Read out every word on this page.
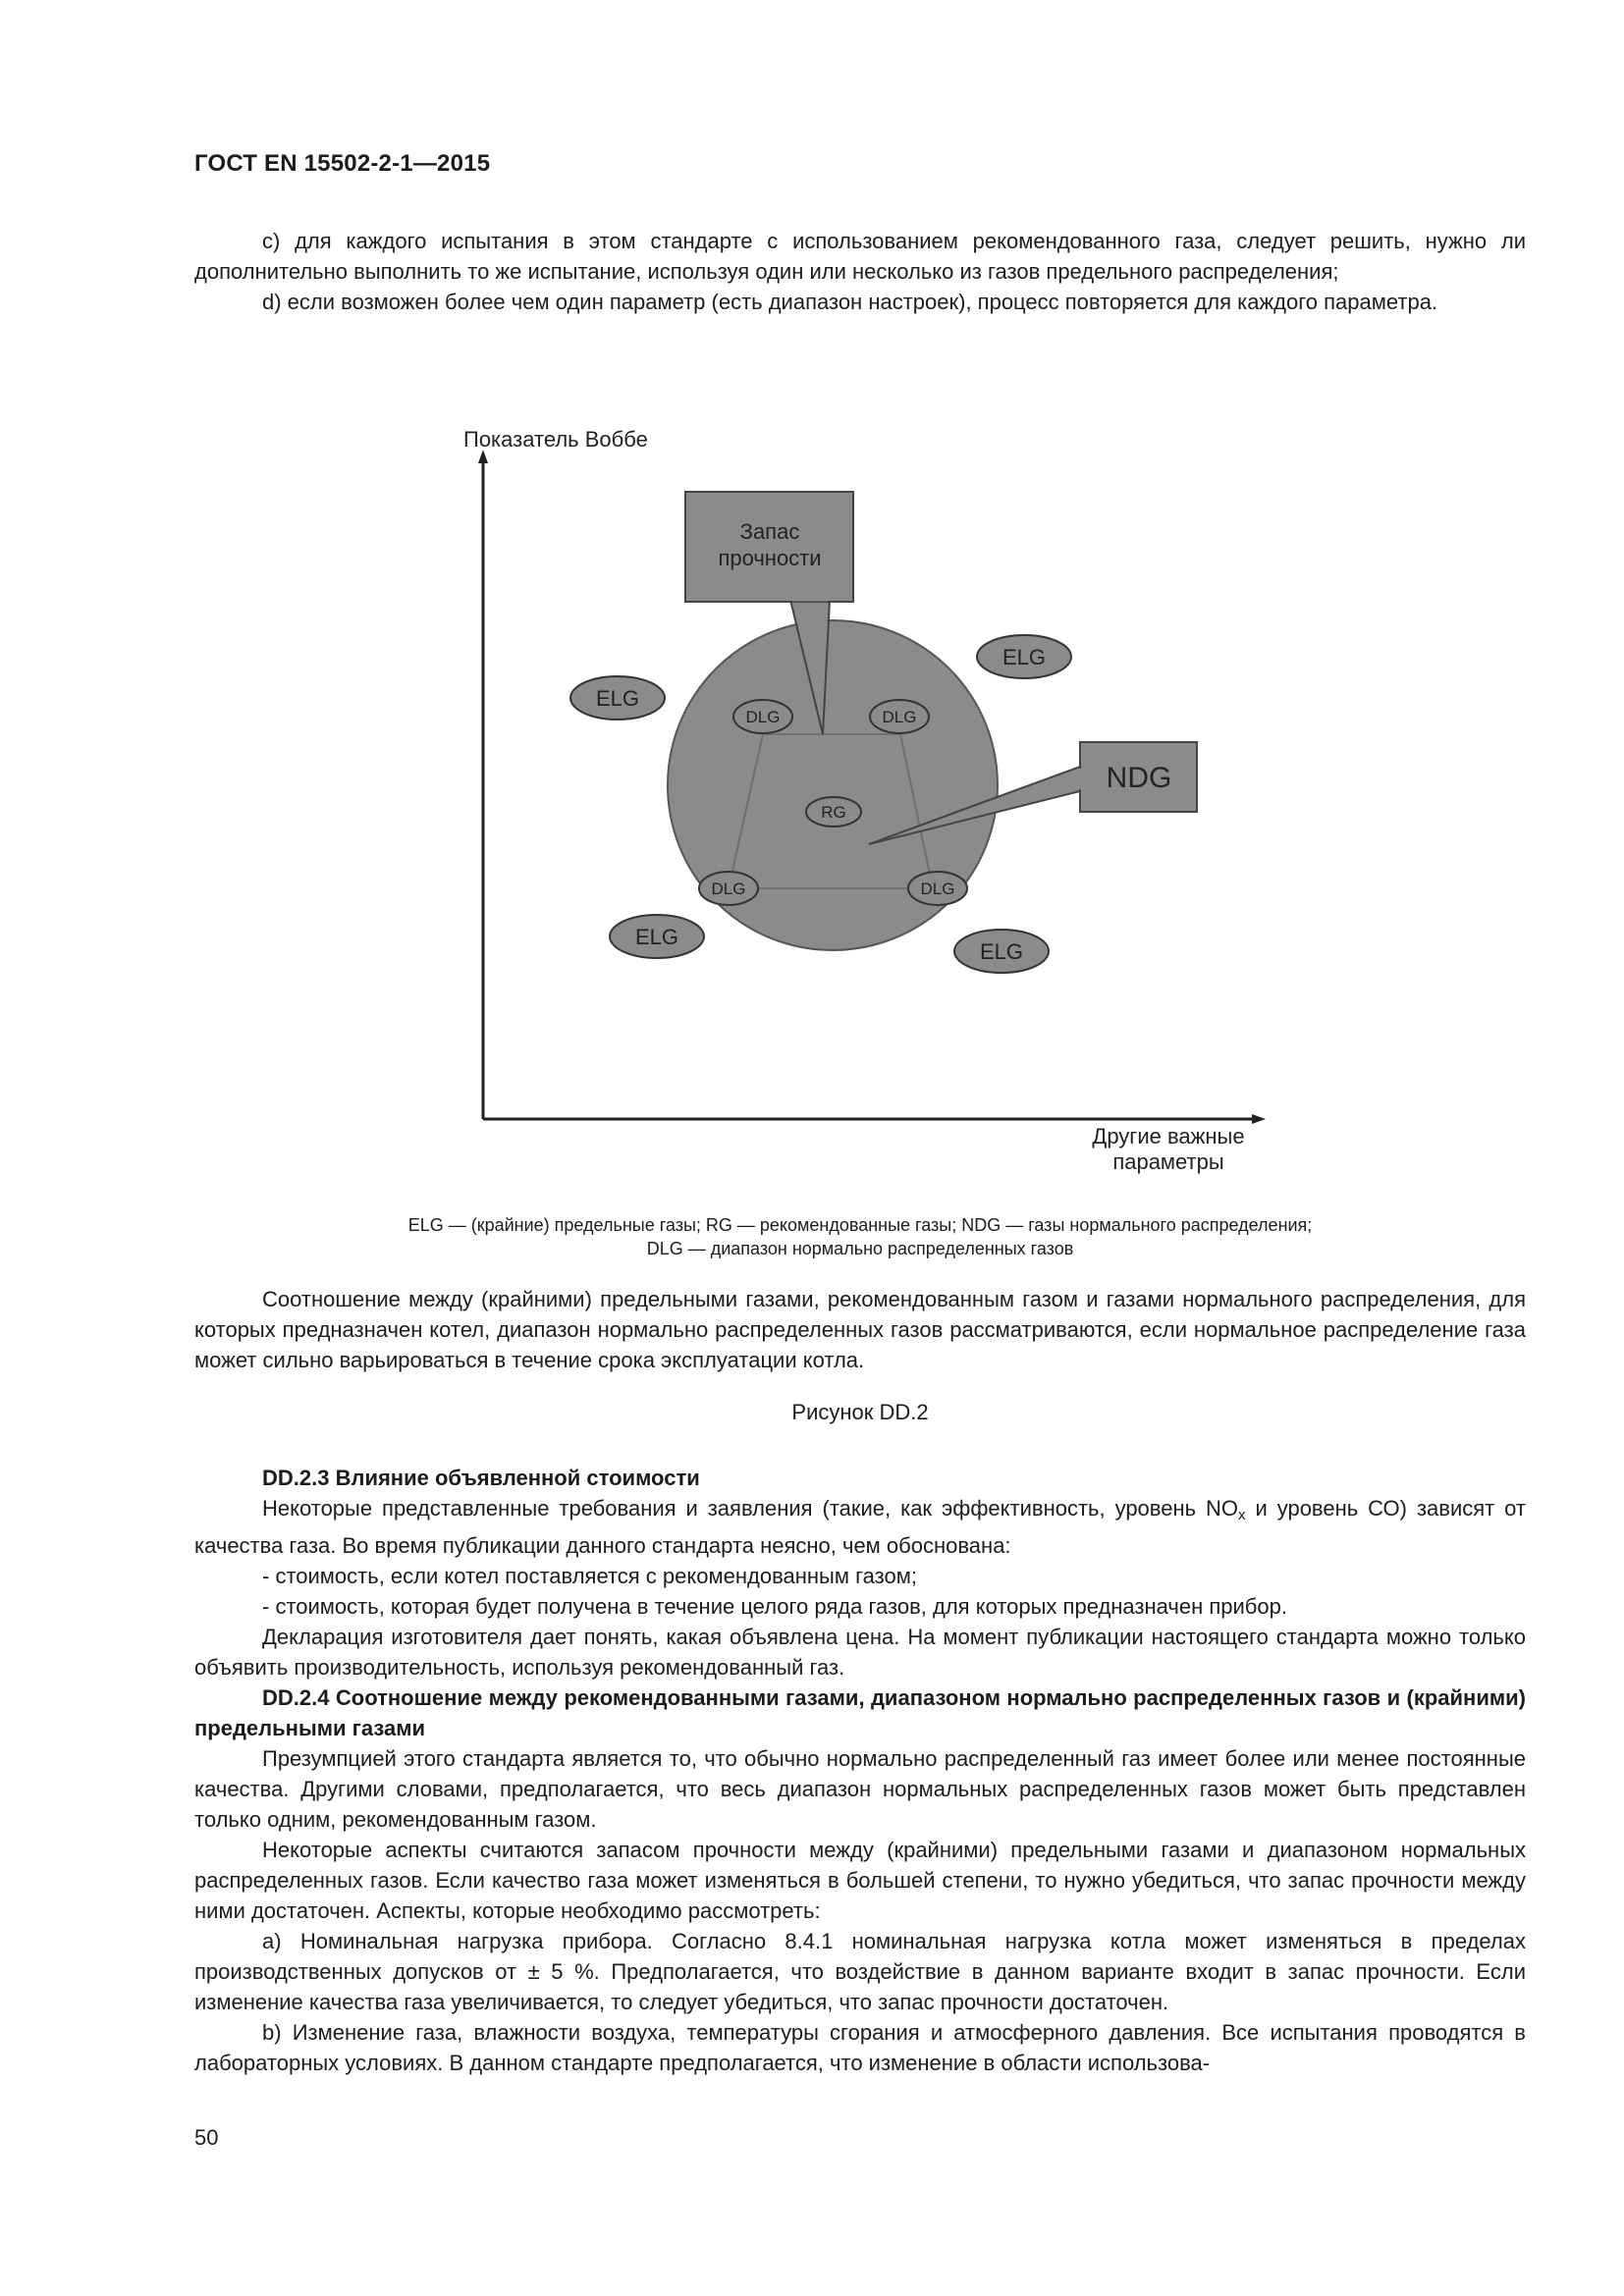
ГОСТ EN 15502-2-1—2015

с) для каждого испытания в этом стандарте с использованием рекомендованного газа, следует решить, нужно ли дополнительно выполнить то же испытание, используя один или несколько из газов предельного распределения;

d) если возможен более чем один параметр (есть диапазон настроек), процесс повторяется для каждого параметра.

Показатель Воббе
Другие важные
параметры
Запас
прочности
NDG
RG
DLG	DLG
DLG	DLG
ELG
ELG
ELG
ELG
ELG — (крайние) предельные газы; RG — рекомендованные газы; NDG — газы нормального распределения;
DLG — диапазон нормально распределенных газов

Соотношение между (крайними) предельными газами, рекомендованным газом и газами нормального распределения, для которых предназначен котел, диапазон нормально распределенных газов рассматриваются, если нормальное распределение газа может сильно варьироваться в течение срока эксплуатации котла.

Рисунок DD.2

DD.2.3 Влияние объявленной стоимости

Некоторые представленные требования и заявления (такие, как эффективность, уровень $NO_x$ и уровень СО) зависят от качества газа. Во время публикации данного стандарта неясно, чем обоснована:

- стоимость, если котел поставляется с рекомендованным газом;

- стоимость, которая будет получена в течение целого ряда газов, для которых предназначен прибор.

Декларация изготовителя дает понять, какая объявлена цена. На момент публикации настоящего стандарта можно только объявить производительность, используя рекомендованный газ.

DD.2.4 Соотношение между рекомендованными газами, диапазоном нормально распределенных газов и (крайними) предельными газами

Презумпцией этого стандарта является то, что обычно нормально распределенный газ имеет более или менее постоянные качества. Другими словами, предполагается, что весь диапазон нормальных распределенных газов может быть представлен только одним, рекомендованным газом.

Некоторые аспекты считаются запасом прочности между (крайними) предельными газами и диапазоном нормальных распределенных газов. Если качество газа может изменяться в большей степени, то нужно убедиться, что запас прочности между ними достаточен. Аспекты, которые необходимо рассмотреть:

а) Номинальная нагрузка прибора. Согласно 8.4.1 номинальная нагрузка котла может изменяться в пределах производственных допусков от ± 5 %. Предполагается, что воздействие в данном варианте входит в запас прочности. Если изменение качества газа увеличивается, то следует убедиться, что запас прочности достаточен.

b) Изменение газа, влажности воздуха, температуры сгорания и атмосферного давления. Все испытания проводятся в лабораторных условиях. В данном стандарте предполагается, что изменение в области использова-

50
